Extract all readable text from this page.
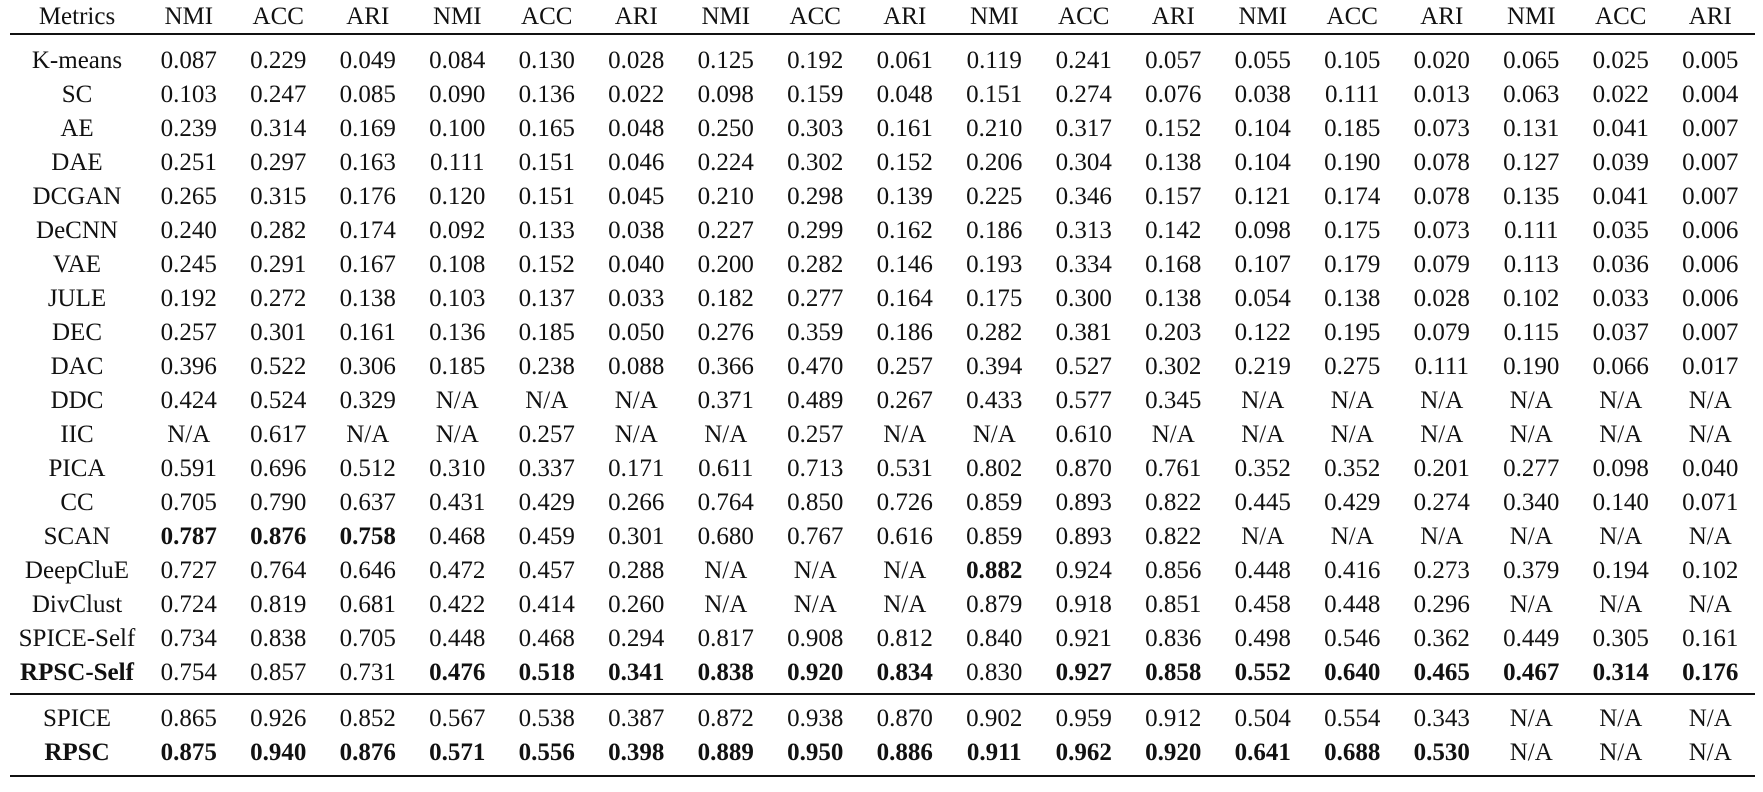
Metrics	NMI	ACC	ARI	NMI	ACC	ARI	NMI	ACC	ARI	NMI	ACC	ARI	NMI	ACC	ARI	NMI	ACC	ARI
K-means	0.087	0.229	0.049	0.084	0.130	0.028	0.125	0.192	0.061	0.119	0.241	0.057	0.055	0.105	0.020	0.065	0.025	0.005
SC	0.103	0.247	0.085	0.090	0.136	0.022	0.098	0.159	0.048	0.151	0.274	0.076	0.038	0.111	0.013	0.063	0.022	0.004
AE	0.239	0.314	0.169	0.100	0.165	0.048	0.250	0.303	0.161	0.210	0.317	0.152	0.104	0.185	0.073	0.131	0.041	0.007
DAE	0.251	0.297	0.163	0.111	0.151	0.046	0.224	0.302	0.152	0.206	0.304	0.138	0.104	0.190	0.078	0.127	0.039	0.007
DCGAN	0.265	0.315	0.176	0.120	0.151	0.045	0.210	0.298	0.139	0.225	0.346	0.157	0.121	0.174	0.078	0.135	0.041	0.007
DeCNN	0.240	0.282	0.174	0.092	0.133	0.038	0.227	0.299	0.162	0.186	0.313	0.142	0.098	0.175	0.073	0.111	0.035	0.006
VAE	0.245	0.291	0.167	0.108	0.152	0.040	0.200	0.282	0.146	0.193	0.334	0.168	0.107	0.179	0.079	0.113	0.036	0.006
JULE	0.192	0.272	0.138	0.103	0.137	0.033	0.182	0.277	0.164	0.175	0.300	0.138	0.054	0.138	0.028	0.102	0.033	0.006
DEC	0.257	0.301	0.161	0.136	0.185	0.050	0.276	0.359	0.186	0.282	0.381	0.203	0.122	0.195	0.079	0.115	0.037	0.007
DAC	0.396	0.522	0.306	0.185	0.238	0.088	0.366	0.470	0.257	0.394	0.527	0.302	0.219	0.275	0.111	0.190	0.066	0.017
DDC	0.424	0.524	0.329	N/A	N/A	N/A	0.371	0.489	0.267	0.433	0.577	0.345	N/A	N/A	N/A	N/A	N/A	N/A
IIC	N/A	0.617	N/A	N/A	0.257	N/A	N/A	0.257	N/A	N/A	0.610	N/A	N/A	N/A	N/A	N/A	N/A	N/A
PICA	0.591	0.696	0.512	0.310	0.337	0.171	0.611	0.713	0.531	0.802	0.870	0.761	0.352	0.352	0.201	0.277	0.098	0.040
CC	0.705	0.790	0.637	0.431	0.429	0.266	0.764	0.850	0.726	0.859	0.893	0.822	0.445	0.429	0.274	0.340	0.140	0.071
SCAN	0.787	0.876	0.758	0.468	0.459	0.301	0.680	0.767	0.616	0.859	0.893	0.822	N/A	N/A	N/A	N/A	N/A	N/A
DeepCluE	0.727	0.764	0.646	0.472	0.457	0.288	N/A	N/A	N/A	0.882	0.924	0.856	0.448	0.416	0.273	0.379	0.194	0.102
DivClust	0.724	0.819	0.681	0.422	0.414	0.260	N/A	N/A	N/A	0.879	0.918	0.851	0.458	0.448	0.296	N/A	N/A	N/A
SPICE-Self	0.734	0.838	0.705	0.448	0.468	0.294	0.817	0.908	0.812	0.840	0.921	0.836	0.498	0.546	0.362	0.449	0.305	0.161
RPSC-Self	0.754	0.857	0.731	0.476	0.518	0.341	0.838	0.920	0.834	0.830	0.927	0.858	0.552	0.640	0.465	0.467	0.314	0.176
SPICE	0.865	0.926	0.852	0.567	0.538	0.387	0.872	0.938	0.870	0.902	0.959	0.912	0.504	0.554	0.343	N/A	N/A	N/A
RPSC	0.875	0.940	0.876	0.571	0.556	0.398	0.889	0.950	0.886	0.911	0.962	0.920	0.641	0.688	0.530	N/A	N/A	N/A
